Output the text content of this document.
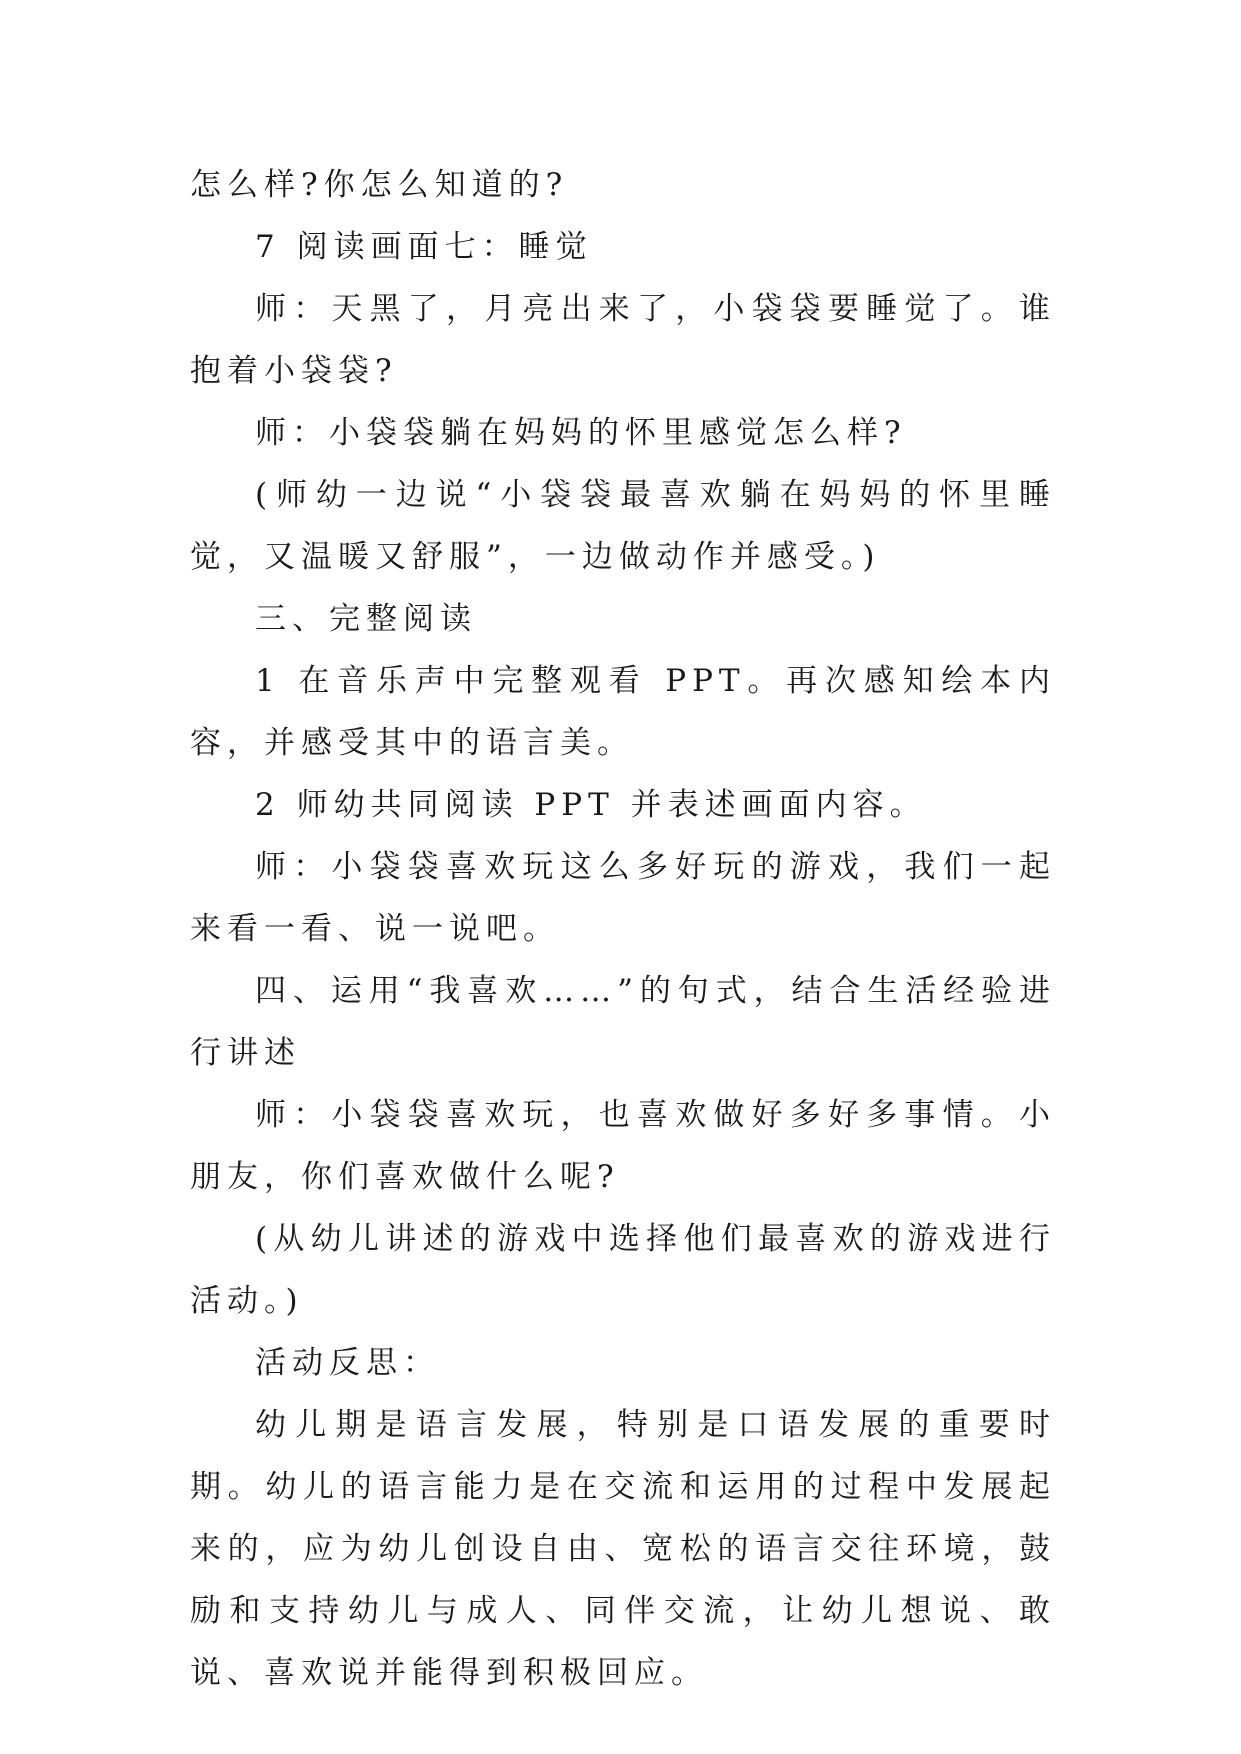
怎么样?你怎么知道的?

7 阅读画面七：睡觉

师：天黑了，月亮出来了，小袋袋要睡觉了。谁抱着小袋袋?

师：小袋袋躺在妈妈的怀里感觉怎么样?

(师幼一边说“小袋袋最喜欢躺在妈妈的怀里睡觉，又温暖又舒服”，一边做动作并感受。)

三、完整阅读

1 在音乐声中完整观看 PPT。再次感知绘本内容，并感受其中的语言美。

2 师幼共同阅读 PPT 并表述画面内容。

师：小袋袋喜欢玩这么多好玩的游戏，我们一起来看一看、说一说吧。

四、运用“我喜欢……”的句式，结合生活经验进行讲述

师：小袋袋喜欢玩，也喜欢做好多好多事情。小朋友，你们喜欢做什么呢?

(从幼儿讲述的游戏中选择他们最喜欢的游戏进行活动。)

活动反思：

幼儿期是语言发展，特别是口语发展的重要时期。幼儿的语言能力是在交流和运用的过程中发展起来的，应为幼儿创设自由、宽松的语言交往环境，鼓励和支持幼儿与成人、同伴交流，让幼儿想说、敢说、喜欢说并能得到积极回应。
